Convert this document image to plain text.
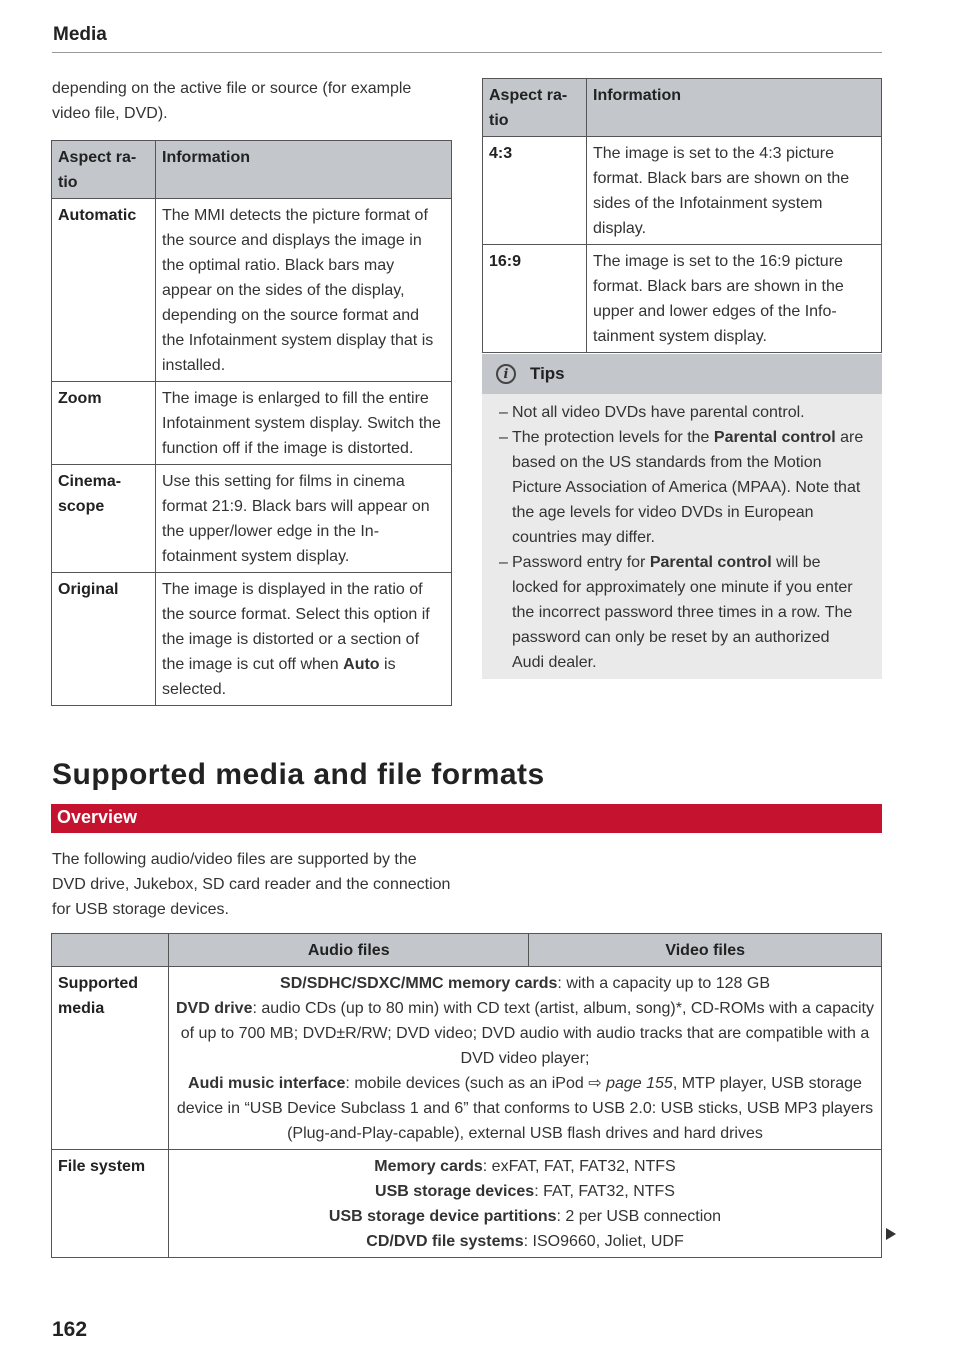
Media
depending on the active file or source (for example video file, DVD).
Aspect ratio	Information
Automatic	The MMI detects the picture format of the source and displays the image in the optimal ratio. Black bars may appear on the sides of the display, depending on the source format and the Infotainment system display that is installed.
Zoom	The image is enlarged to fill the entire Infotainment system display. Switch the function off if the image is distorted.
Cinemascope	Use this setting for films in cinema format 21:9. Black bars will appear on the upper/lower edge in the Infotainment system display.
Original	The image is displayed in the ratio of the source format. Select this option if the image is distorted or a section of the image is cut off when Auto is selected.
Aspect ratio	Information
4:3	The image is set to the 4:3 picture format. Black bars are shown on the sides of the Infotainment system display.
16:9	The image is set to the 16:9 picture format. Black bars are shown in the upper and lower edges of the Infotainment system display.
i	Tips
– Not all video DVDs have parental control.
– The protection levels for the Parental control are based on the US standards from the Motion Picture Association of America (MPAA). Note that the age levels for video DVDs in European countries may differ.
– Password entry for Parental control will be locked for approximately one minute if you enter the incorrect password three times in a row. The password can only be reset by an authorized Audi dealer.
Supported media and file formats
Overview
The following audio/video files are supported by the DVD drive, Jukebox, SD card reader and the connection for USB storage devices.
	Audio files	Video files
Supported media	SD/SDHC/SDXC/MMC memory cards: with a capacity up to 128 GB

DVD drive: audio CDs (up to 80 min) with CD text (artist, album, song)*, CD-ROMs with a capacity of up to 700 MB; DVD±R/RW; DVD video; DVD audio with audio tracks that are compatible with a DVD video player;

Audi music interface: mobile devices (such as an iPod ⇨ page 155, MTP player, USB storage device in “USB Device Subclass 1 and 6” that conforms to USB 2.0: USB sticks, USB MP3 players (Plug-and-Play-capable), external USB flash drives and hard drives	

File system	Memory cards: exFAT, FAT, FAT32, NTFS

USB storage devices: FAT, FAT32, NTFS

USB storage device partitions: 2 per USB connection

CD/DVD file systems: ISO9660, Joliet, UDF	

162
